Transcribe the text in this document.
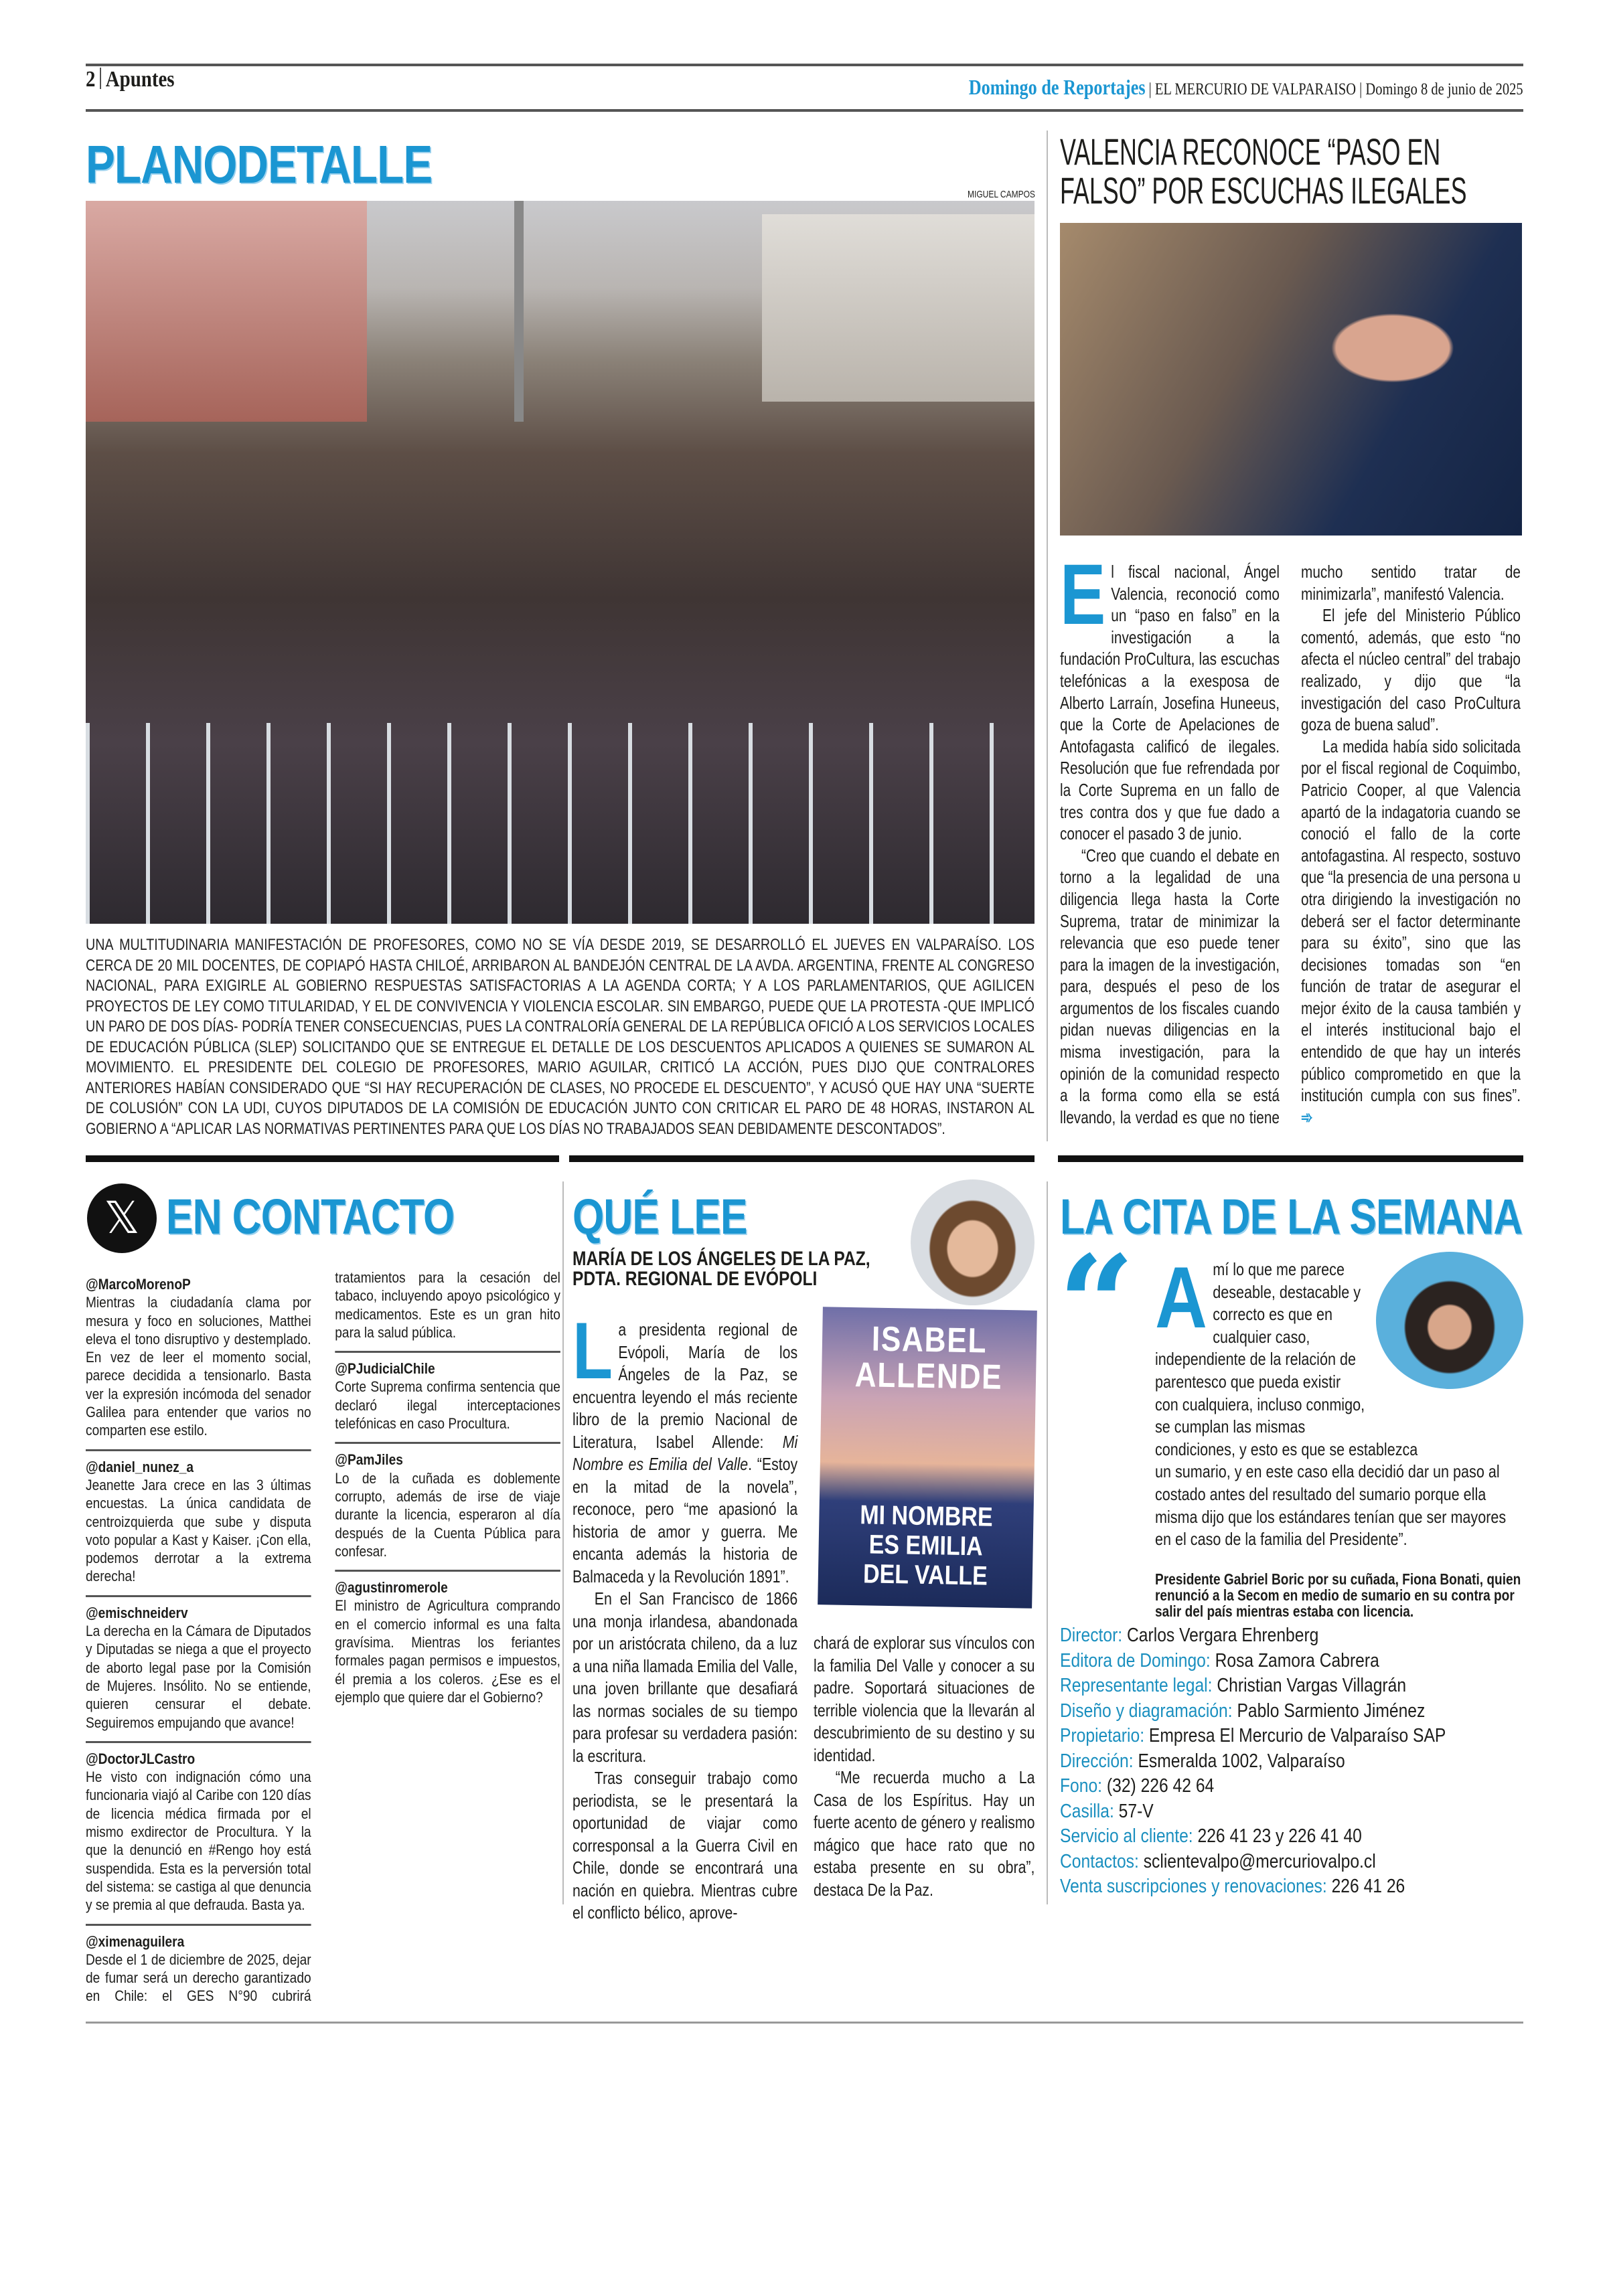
2 Apuntes	Domingo de Reportajes | EL MERCURIO DE VALPARAISO | Domingo 8 de junio de 2025
PLANODETALLE
MIGUEL CAMPOS
UNA MULTITUDINARIA MANIFESTACIÓN DE PROFESORES, COMO NO SE VÍA DESDE 2019, SE DESARROLLÓ EL JUEVES EN VALPARAÍSO. LOS CERCA DE 20 MIL DOCENTES, DE COPIAPÓ HASTA CHILOÉ, ARRIBARON AL BANDEJÓN CENTRAL DE LA AVDA. ARGENTINA, FRENTE AL CONGRESO NACIONAL, PARA EXIGIRLE AL GOBIERNO RESPUESTAS SATISFACTORIAS A LA AGENDA CORTA; Y A LOS PARLAMENTARIOS, QUE AGILICEN PROYECTOS DE LEY COMO TITULARIDAD, Y EL DE CONVIVENCIA Y VIOLENCIA ESCOLAR. SIN EMBARGO, PUEDE QUE LA PROTESTA -QUE IMPLICÓ UN PARO DE DOS DÍAS- PODRÍA TENER CONSECUENCIAS, PUES LA CONTRALORÍA GENERAL DE LA REPÚBLICA OFICIÓ A LOS SERVICIOS LOCALES DE EDUCACIÓN PÚBLICA (SLEP) SOLICITANDO QUE SE ENTREGUE EL DETALLE DE LOS DESCUENTOS APLICADOS A QUIENES SE SUMARON AL MOVIMIENTO. EL PRESIDENTE DEL COLEGIO DE PROFESORES, MARIO AGUILAR, CRITICÓ LA ACCIÓN, PUES DIJO QUE CONTRALORES ANTERIORES HABÍAN CONSIDERADO QUE “SI HAY RECUPERACIÓN DE CLASES, NO PROCEDE EL DESCUENTO”, Y ACUSÓ QUE HAY UNA “SUERTE DE COLUSIÓN” CON LA UDI, CUYOS DIPUTADOS DE LA COMISIÓN DE EDUCACIÓN JUNTO CON CRITICAR EL PARO DE 48 HORAS, INSTARON AL GOBIERNO A “APLICAR LAS NORMATIVAS PERTINENTES PARA QUE LOS DÍAS NO TRABAJADOS SEAN DEBIDAMENTE DESCONTADOS”.
VALENCIA RECONOCE “PASO EN FALSO” POR ESCUCHAS ILEGALES

El fiscal nacional, Ángel Valencia, reconoció como un “paso en falso” en la investigación a la fundación ProCultura, las escuchas telefónicas a la exesposa de Alberto Larraín, Josefina Huneeus, que la Corte de Apelaciones de Antofagasta calificó de ilegales. Resolución que fue refrendada por la Corte Suprema en un fallo de tres contra dos y que fue dado a conocer el pasado 3 de junio.

“Creo que cuando el debate en torno a la legalidad de una diligencia llega hasta la Corte Suprema, tratar de minimizar la relevancia que eso puede tener para la imagen de la investigación, para, después el peso de los argumentos de los fiscales cuando pidan nuevas diligencias en la misma investigación, para la opinión de la comunidad respecto a la forma como ella se está llevando, la verdad es que no tiene mucho sentido tratar de minimizarla”, manifestó Valencia.

El jefe del Ministerio Público comentó, además, que esto “no afecta el núcleo central” del trabajo realizado, y dijo que “la investigación del caso ProCultura goza de buena salud”.

La medida había sido solicitada por el fiscal regional de Coquimbo, Patricio Cooper, al que Valencia apartó de la indagatoria cuando se conoció el fallo de la corte antofagastina. Al respecto, sostuvo que “la presencia de una persona u otra dirigiendo la investigación no deberá ser el factor determinante para su éxito”, sino que las decisiones tomadas son “en función de tratar de asegurar el mejor éxito de la causa también y el interés institucional bajo el entendido de que hay un interés público comprometido en que la institución cumpla con sus fines”. ➾

𝕏 EN CONTACTO
@MarcoMorenoP
Mientras la ciudadanía clama por mesura y foco en soluciones, Matthei eleva el tono disruptivo y destemplado. En vez de leer el momento social, parece decidida a tensionarlo. Basta ver la expresión incómoda del senador Galilea para entender que varios no comparten ese estilo.
@daniel_nunez_a
Jeanette Jara crece en las 3 últimas encuestas. La única candidata de centroizquierda que sube y disputa voto popular a Kast y Kaiser. ¡Con ella, podemos derrotar a la extrema derecha!
@emischneiderv
La derecha en la Cámara de Diputados y Diputadas se niega a que el proyecto de aborto legal pase por la Comisión de Mujeres. Insólito. No se entiende, quieren censurar el debate. Seguiremos empujando que avance!
@DoctorJLCastro
He visto con indignación cómo una funcionaria viajó al Caribe con 120 días de licencia médica firmada por el mismo exdirector de Procultura. Y la que la denunció en #Rengo hoy está suspendida. Esta es la perversión total del sistema: se castiga al que denuncia y se premia al que defrauda. Basta ya.
@ximenaguilera
Desde el 1 de diciembre de 2025, dejar de fumar será un derecho garantizado en Chile: el GES N°90 cubrirá tratamientos para la cesación del tabaco, incluyendo apoyo psicológico y medicamentos. Este es un gran hito para la salud pública.
@PJudicialChile
Corte Suprema confirma sentencia que declaró ilegal interceptaciones telefónicas en caso Procultura.
@PamJiles
Lo de la cuñada es doblemente corrupto, además de irse de viaje durante la licencia, esperaron al día después de la Cuenta Pública para confesar.
@agustinromerole
El ministro de Agricultura comprando en el comercio informal es una falta gravísima. Mientras los feriantes formales pagan permisos e impuestos, él premia a los coleros. ¿Ese es el ejemplo que quiere dar el Gobierno?
QUÉ LEE
MARÍA DE LOS ÁNGELES DE LA PAZ, PDTA. REGIONAL DE EVÓPOLI

La presidenta regional de Evópoli, María de los Ángeles de la Paz, se encuentra leyendo el más reciente libro de la premio Nacional de Literatura, Isabel Allende: Mi Nombre es Emilia del Valle. “Estoy en la mitad de la novela”, reconoce, pero “me apasionó la historia de amor y guerra. Me encanta además la historia de Balmaceda y la Revolución 1891”.

En el San Francisco de 1866 una monja irlandesa, abandonada por un aristócrata chileno, da a luz a una niña llamada Emilia del Valle, una joven brillante que desafiará las normas sociales de su tiempo para profesar su verdadera pasión: la escritura.

Tras conseguir trabajo como periodista, se le presentará la oportunidad de viajar como corresponsal a la Guerra Civil en Chile, donde se encontrará una nación en quiebra. Mientras cubre el conflicto bélico, aprove-

ISABEL ALLENDE
MI NOMBRE ES EMILIA DEL VALLE

chará de explorar sus vínculos con la familia Del Valle y conocer a su padre. Soportará situaciones de terrible violencia que la llevarán al descubrimiento de su destino y su identidad.

“Me recuerda mucho a La Casa de los Espíritus. Hay un fuerte acento de género y realismo mágico que hace rato que no estaba presente en su obra”, destaca De la Paz.

LA CITA DE LA SEMANA
“ A mí lo que me parece deseable, destacable y correcto es que en cualquier caso, independiente de la relación de parentesco que pueda existir con cualquiera, incluso conmigo, se cumplan las mismas condiciones, y esto es que se establezca un sumario, y en este caso ella decidió dar un paso al costado antes del resultado del sumario porque ella misma dijo que los estándares tenían que ser mayores en el caso de la familia del Presidente”.
Presidente Gabriel Boric por su cuñada, Fiona Bonati, quien renunció a la Secom en medio de sumario en su contra por salir del país mientras estaba con licencia.
Director: Carlos Vergara Ehrenberg
Editora de Domingo: Rosa Zamora Cabrera
Representante legal: Christian Vargas Villagrán
Diseño y diagramación: Pablo Sarmiento Jiménez
Propietario: Empresa El Mercurio de Valparaíso SAP
Dirección: Esmeralda 1002, Valparaíso
Fono: (32) 226 42 64
Casilla: 57-V
Servicio al cliente: 226 41 23 y 226 41 40
Contactos: sclientevalpo@mercuriovalpo.cl
Venta suscripciones y renovaciones: 226 41 26
